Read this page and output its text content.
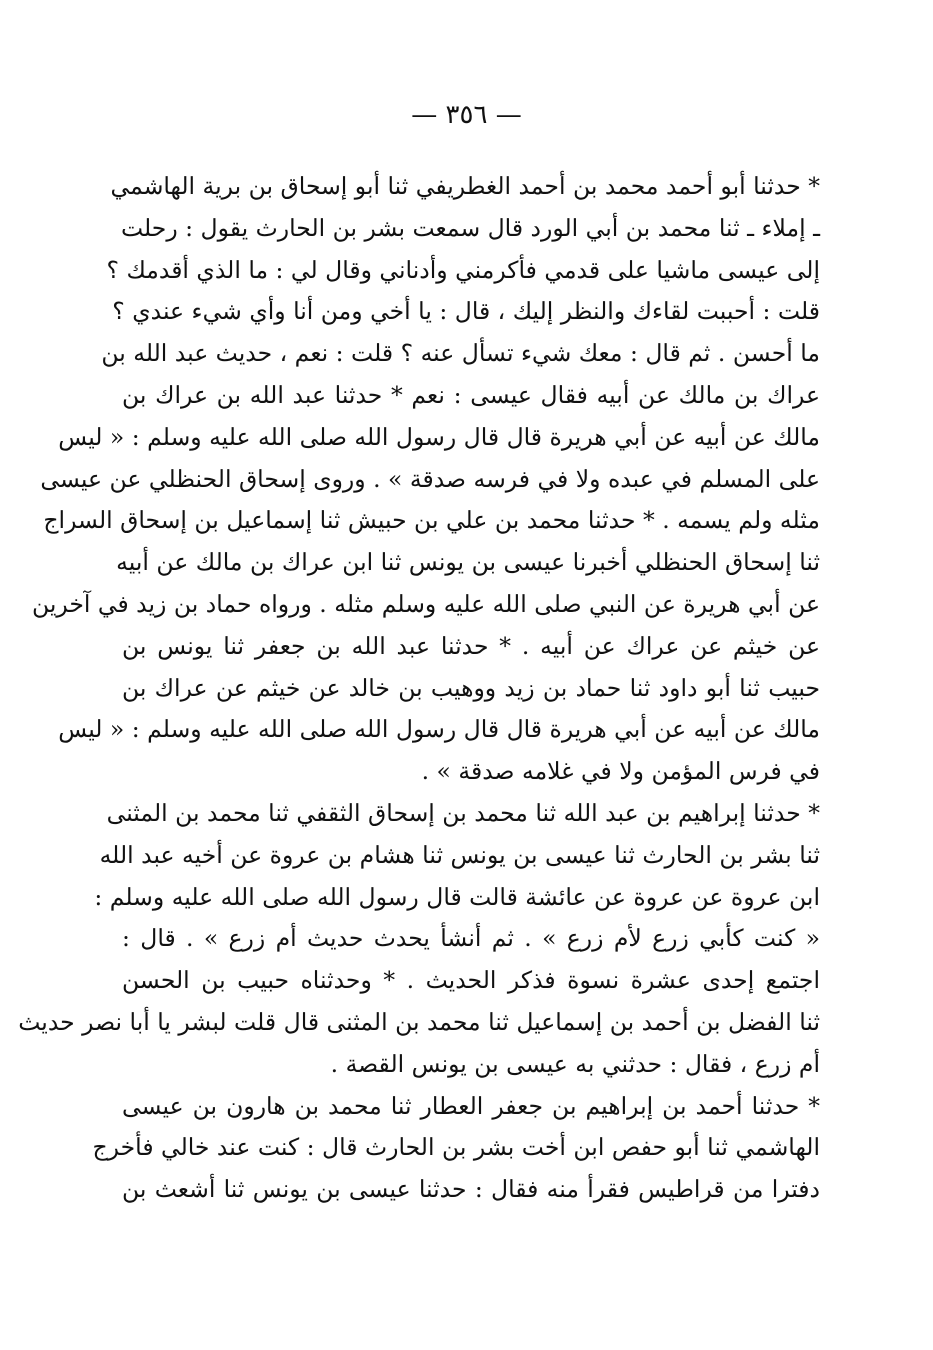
— ٣٥٦ —
* حدثنا أبو أحمد محمد بن أحمد الغطريفي ثنا أبو إسحاق بن برية الهاشمي
ـ إملاء ـ ثنا محمد بن أبي الورد قال سمعت بشر بن الحارث يقول : رحلت
إلى عيسى ماشيا على قدمي فأكرمني وأدناني وقال لي : ما الذي أقدمك ؟
قلت : أحببت لقاءك والنظر إليك ، قال : يا أخي ومن أنا وأي شيء عندي ؟
ما أحسن . ثم قال : معك شيء تسأل عنه ؟ قلت : نعم ، حديث عبد الله بن
عراك بن مالك عن أبيه فقال عيسى : نعم * حدثنا عبد الله بن عراك بن
مالك عن أبيه عن أبي هريرة قال قال رسول الله صلى الله عليه وسلم : « ليس
على المسلم في عبده ولا في فرسه صدقة » . وروى إسحاق الحنظلي عن عيسى
مثله ولم يسمه . * حدثنا محمد بن علي بن حبيش ثنا إسماعيل بن إسحاق السراج
ثنا إسحاق الحنظلي أخبرنا عيسى بن يونس ثنا ابن عراك بن مالك عن أبيه
عن أبي هريرة عن النبي صلى الله عليه وسلم مثله . ورواه حماد بن زيد في آخرين
عن خيثم عن عراك عن أبيه . * حدثنا عبد الله بن جعفر ثنا يونس بن
حبيب ثنا أبو داود ثنا حماد بن زيد ووهيب بن خالد عن خيثم عن عراك بن
مالك عن أبيه عن أبي هريرة قال قال رسول الله صلى الله عليه وسلم : « ليس
في فرس المؤمن ولا في غلامه صدقة » .
* حدثنا إبراهيم بن عبد الله ثنا محمد بن إسحاق الثقفي ثنا محمد بن المثنى
ثنا بشر بن الحارث ثنا عيسى بن يونس ثنا هشام بن عروة عن أخيه عبد الله
ابن عروة عن عروة عن عائشة قالت قال رسول الله صلى الله عليه وسلم :
« كنت كأبي زرع لأم زرع » . ثم أنشأ يحدث حديث أم زرع » . قال :
اجتمع إحدى عشرة نسوة فذكر الحديث . * وحدثناه حبيب بن الحسن
ثنا الفضل بن أحمد بن إسماعيل ثنا محمد بن المثنى قال قلت لبشر يا أبا نصر حديث
أم زرع ، فقال : حدثني به عيسى بن يونس القصة .
* حدثنا أحمد بن إبراهيم بن جعفر العطار ثنا محمد بن هارون بن عيسى
الهاشمي ثنا أبو حفص ابن أخت بشر بن الحارث قال : كنت عند خالي فأخرج
دفترا من قراطيس فقرأ منه فقال : حدثنا عيسى بن يونس ثنا أشعث بن
